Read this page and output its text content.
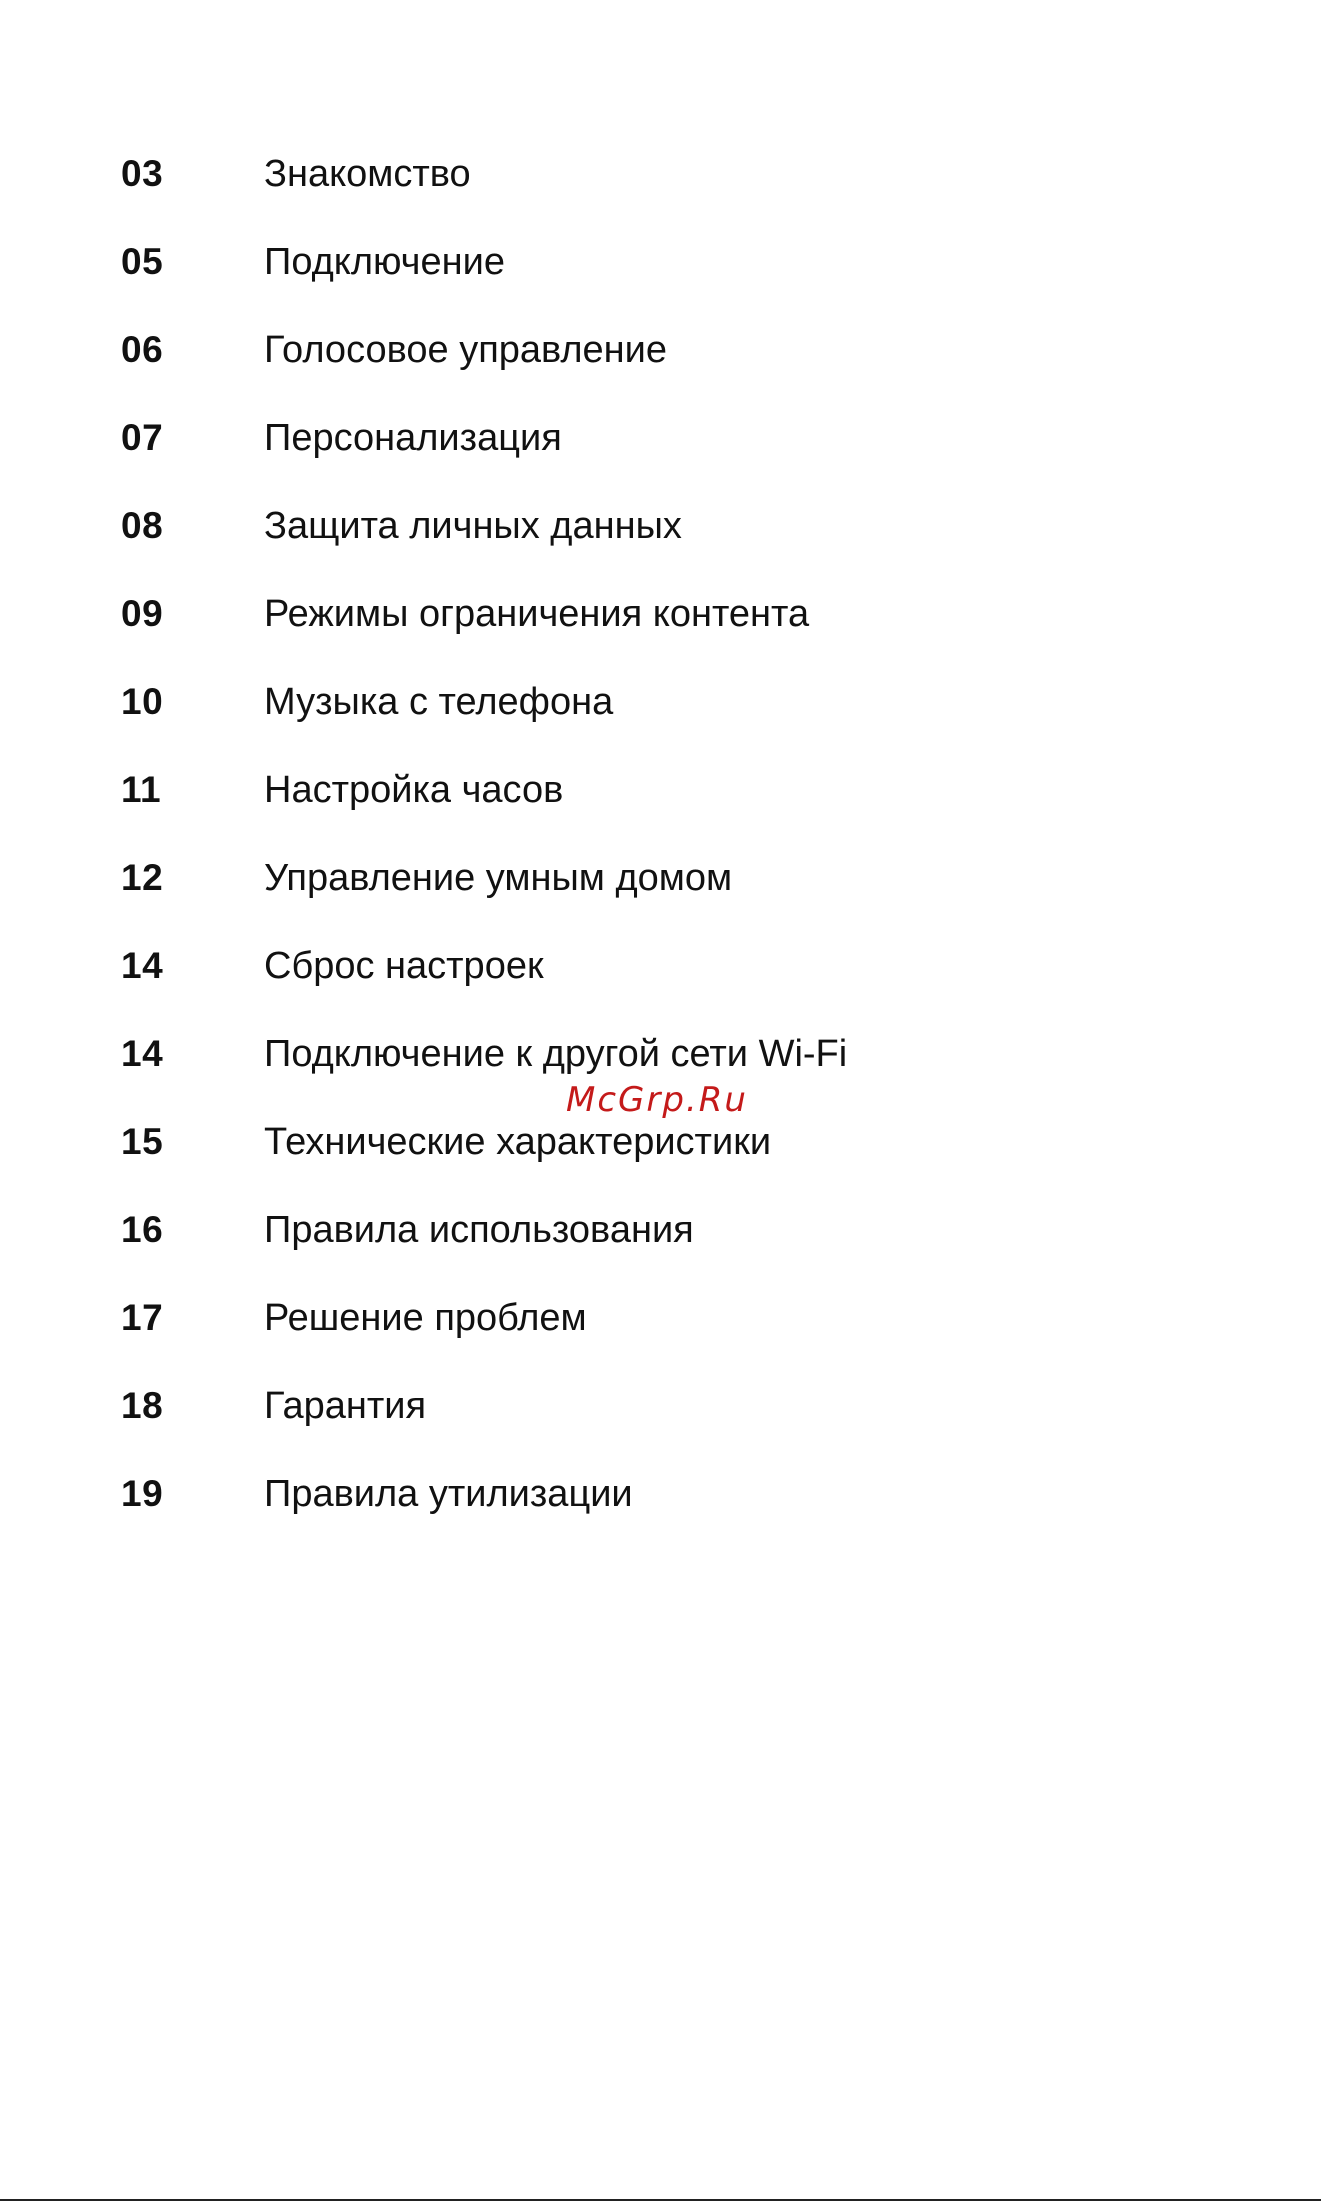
03	Знакомство
05	Подключение
06	Голосовое управление
07	Персонализация
08	Защита личных данных
09	Режимы ограничения контента
10	Музыка с телефона
11	Настройка часов
12	Управление умным домом
14	Сброс настроек
14	Подключение к другой сети Wi-Fi
15	Технические характеристики
16	Правила использования
17	Решение проблем
18	Гарантия
19	Правила утилизации
McGrp.Ru
